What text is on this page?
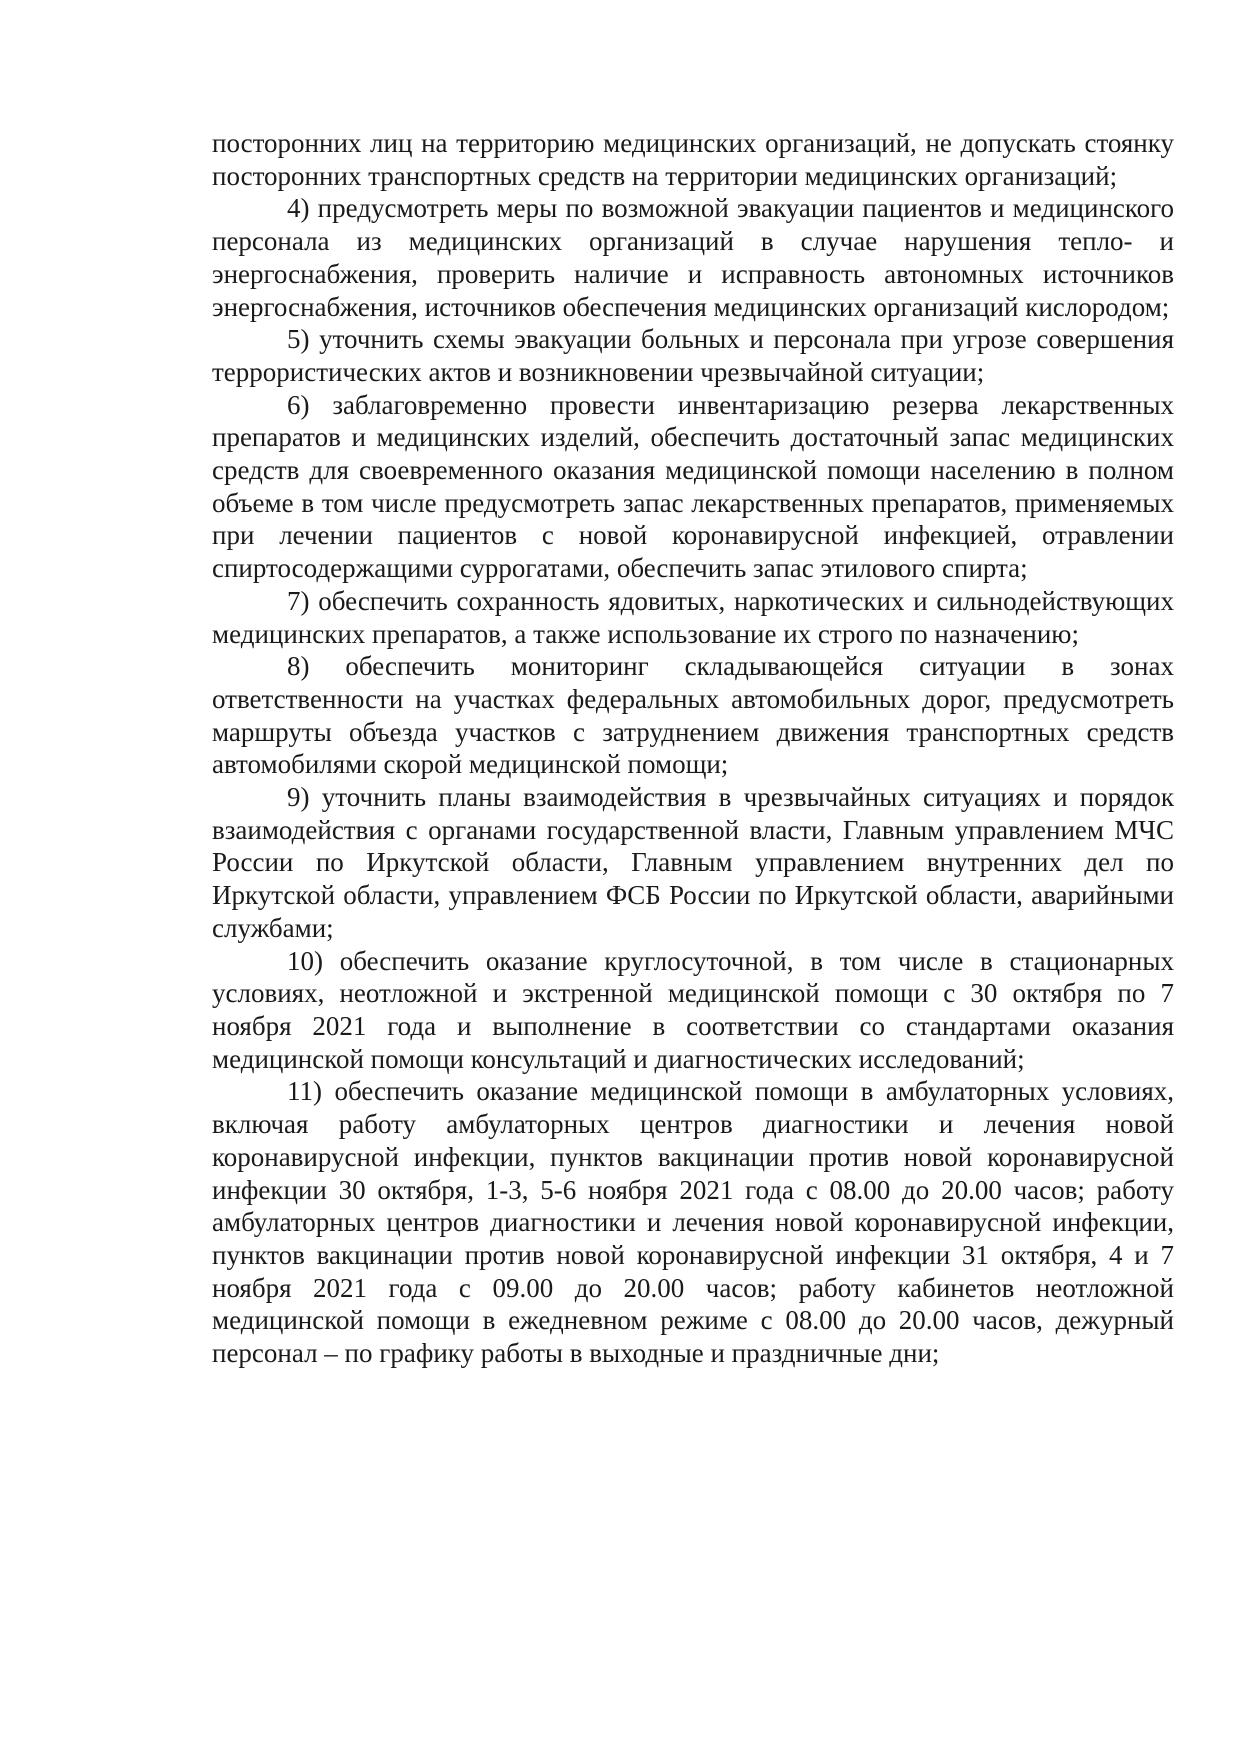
посторонних лиц на территорию медицинских организаций, не допускать стоянку посторонних транспортных средств на территории медицинских организаций;

4) предусмотреть меры по возможной эвакуации пациентов и медицинского персонала из медицинских организаций в случае нарушения тепло- и энергоснабжения, проверить наличие и исправность автономных источников энергоснабжения, источников обеспечения медицинских организаций кислородом;

5) уточнить схемы эвакуации больных и персонала при угрозе совершения террористических актов и возникновении чрезвычайной ситуации;

6) заблаговременно провести инвентаризацию резерва лекарственных препаратов и медицинских изделий, обеспечить достаточный запас медицинских средств для своевременного оказания медицинской помощи населению в полном объеме в том числе предусмотреть запас лекарственных препаратов, применяемых при лечении пациентов с новой коронавирусной инфекцией, отравлении спиртосодержащими суррогатами, обеспечить запас этилового спирта;

7) обеспечить сохранность ядовитых, наркотических и сильнодействующих медицинских препаратов, а также использование их строго по назначению;

8) обеспечить мониторинг складывающейся ситуации в зонах ответственности на участках федеральных автомобильных дорог, предусмотреть маршруты объезда участков с затруднением движения транспортных средств автомобилями скорой медицинской помощи;

9) уточнить планы взаимодействия в чрезвычайных ситуациях и порядок взаимодействия с органами государственной власти, Главным управлением МЧС России по Иркутской области, Главным управлением внутренних дел по Иркутской области, управлением ФСБ России по Иркутской области, аварийными службами;

10) обеспечить оказание круглосуточной, в том числе в стационарных условиях, неотложной и экстренной медицинской помощи с 30 октября по 7 ноября 2021 года и выполнение в соответствии со стандартами оказания медицинской помощи консультаций и диагностических исследований;

11) обеспечить оказание медицинской помощи в амбулаторных условиях, включая работу амбулаторных центров диагностики и лечения новой коронавирусной инфекции, пунктов вакцинации против новой коронавирусной инфекции 30 октября, 1-3, 5-6 ноября 2021 года с 08.00 до 20.00 часов; работу амбулаторных центров диагностики и лечения новой коронавирусной инфекции, пунктов вакцинации против новой коронавирусной инфекции 31 октября, 4 и 7 ноября 2021 года с 09.00 до 20.00 часов; работу кабинетов неотложной медицинской помощи в ежедневном режиме с 08.00 до 20.00 часов, дежурный персонал – по графику работы в выходные и праздничные дни;
